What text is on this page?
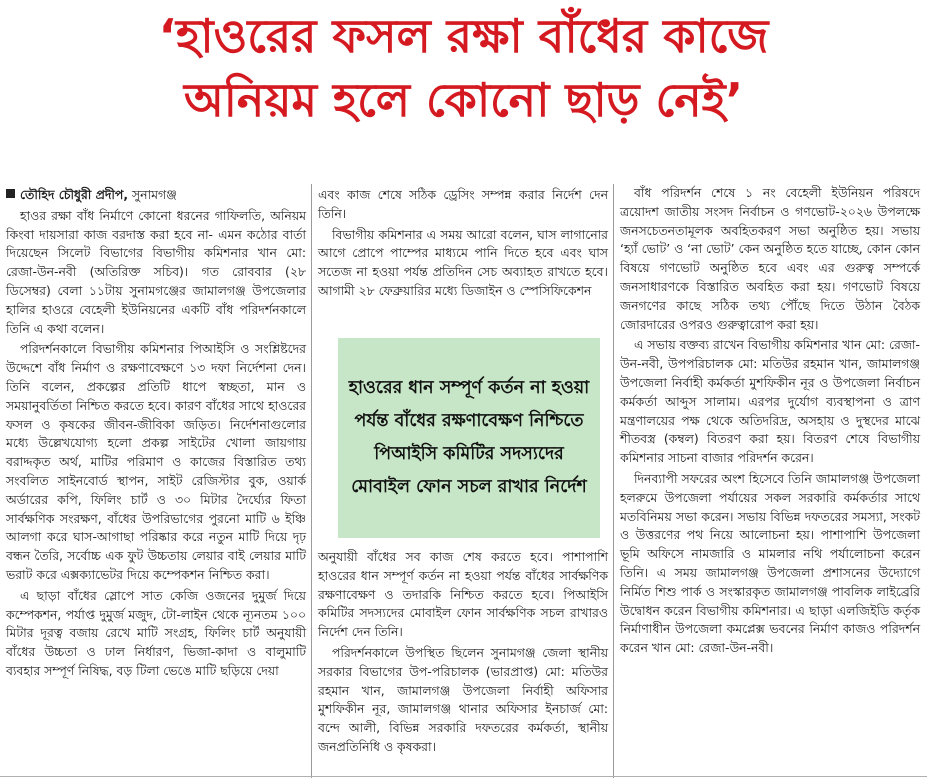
‘হাওরের ফসল রক্ষা বাঁধের কাজে
অনিয়ম হলে কোনো ছাড় নেই’

তৌহিদ চৌধুরী প্রদীপ, সুনামগঞ্জ

হাওর রক্ষা বাঁধ নির্মাণে কোনো ধরনের গাফিলতি, অনিয়ম কিংবা দায়সারা কাজ বরদাস্ত করা হবে না- এমন কঠোর বার্তা দিয়েছেন সিলেট বিভাগের বিভাগীয় কমিশনার খান মো: রেজা-উন-নবী (অতিরিক্ত সচিব)। গত রোববার (২৮ ডিসেম্বর) বেলা ১১টায় সুনামগঞ্জের জামালগঞ্জ উপজেলার হালির হাওরে বেহেলী ইউনিয়নের একটি বাঁধ পরিদর্শনকালে তিনি এ কথা বলেন।

পরিদর্শনকালে বিভাগীয় কমিশনার পিআইসি ও সংশ্লিষ্টদের উদ্দেশে বাঁধ নির্মাণ ও রক্ষণাবেক্ষণে ১৩ দফা নির্দেশনা দেন। তিনি বলেন, প্রকল্পের প্রতিটি ধাপে স্বচ্ছতা, মান ও সময়ানুবর্তিতা নিশ্চিত করতে হবে। কারণ বাঁধের সাথে হাওরের ফসল ও কৃষকের জীবন-জীবিকা জড়িত। নির্দেশনাগুলোর মধ্যে উল্লেখযোগ্য হলো প্রকল্প সাইটের খোলা জায়গায় বরাদ্দকৃত অর্থ, মাটির পরিমাণ ও কাজের বিস্তারিত তথ্য সংবলিত সাইনবোর্ড স্থাপন, সাইট রেজিস্টার বুক, ওয়ার্ক অর্ডারের কপি, ফিলিং চার্ট ও ৩০ মিটার দৈর্ঘ্যের ফিতা সার্বক্ষণিক সংরক্ষণ, বাঁধের উপরিভাগের পুরনো মাটি ৬ ইঞ্চি আলগা করে ঘাস-আগাছা পরিষ্কার করে নতুন মাটি দিয়ে দৃঢ় বন্ধন তৈরি, সর্বোচ্চ এক ফুট উচ্চতায় লেয়ার বাই লেয়ার মাটি ভরাট করে এক্সক্যাভেটর দিয়ে কম্পেকশন নিশ্চিত করা।

এ ছাড়া বাঁধের স্লোপে সাত কেজি ওজনের দুমুর্জ দিয়ে কম্পেকশন, পর্যাপ্ত দুমুর্জ মজুদ, টো-লাইন থেকে ন্যূনতম ১০০ মিটার দূরত্ব বজায় রেখে মাটি সংগ্রহ, ফিলিং চার্ট অনুযায়ী বাঁধের উচ্চতা ও ঢাল নির্ধারণ, ভিজা-কাদা ও বালুমাটি ব্যবহার সম্পূর্ণ নিষিদ্ধ, বড় টিলা ভেঙে মাটি ছড়িয়ে দেয়া

এবং কাজ শেষে সঠিক ড্রেসিং সম্পন্ন করার নির্দেশ দেন তিনি।

বিভাগীয় কমিশনার এ সময় আরো বলেন, ঘাস লাগানোর আগে প্রোপে পাম্পের মাধ্যমে পানি দিতে হবে এবং ঘাস সতেজ না হওয়া পর্যন্ত প্রতিদিন সেচ অব্যাহত রাখতে হবে। আগামী ২৮ ফেব্রুয়ারির মধ্যে ডিজাইন ও স্পেসিফিকেশন

হাওরের ধান সম্পূর্ণ কর্তন না হওয়া পর্যন্ত বাঁধের রক্ষণাবেক্ষণ নিশ্চিতে পিআইসি কমিটির সদস্যদের মোবাইল ফোন সচল রাখার নির্দেশ

অনুযায়ী বাঁধের সব কাজ শেষ করতে হবে। পাশাপাশি হাওরের ধান সম্পূর্ণ কর্তন না হওয়া পর্যন্ত বাঁধের সার্বক্ষণিক রক্ষণাবেক্ষণ ও তদারকি নিশ্চিত করতে হবে। পিআইসি কমিটির সদস্যদের মোবাইল ফোন সার্বক্ষণিক সচল রাখারও নির্দেশ দেন তিনি।

পরিদর্শনকালে উপস্থিত ছিলেন সুনামগঞ্জ জেলা স্থানীয় সরকার বিভাগের উপ-পরিচালক (ভারপ্রাপ্ত) মো: মতিউর রহমান খান, জামালগঞ্জ উপজেলা নির্বাহী অফিসার মুশফিকীন নূর, জামালগঞ্জ থানার অফিসার ইনচার্জ মো: বন্দে আলী, বিভিন্ন সরকারি দফতরের কর্মকর্তা, স্থানীয় জনপ্রতিনিধি ও কৃষকরা।

বাঁধ পরিদর্শন শেষে ১ নং বেহেলী ইউনিয়ন পরিষদে ত্রয়োদশ জাতীয় সংসদ নির্বাচন ও গণভোট-২০২৬ উপলক্ষে জনসচেতনতামূলক অবহিতকরণ সভা অনুষ্ঠিত হয়। সভায় ‘হ্যাঁ ভোট’ ও ‘না ভোট’ কেন অনুষ্ঠিত হতে যাচ্ছে, কোন কোন বিষয়ে গণভোট অনুষ্ঠিত হবে এবং এর গুরুত্ব সম্পর্কে জনসাধারণকে বিস্তারিত অবহিত করা হয়। গণভোট বিষয়ে জনগণের কাছে সঠিক তথ্য পৌঁছে দিতে উঠান বৈঠক জোরদারের ওপরও গুরুত্বারোপ করা হয়।

এ সভায় বক্তব্য রাখেন বিভাগীয় কমিশনার খান মো: রেজা-উন-নবী, উপপরিচালক মো: মতিউর রহমান খান, জামালগঞ্জ উপজেলা নির্বাহী কর্মকর্তা মুশফিকীন নূর ও উপজেলা নির্বাচন কর্মকর্তা আব্দুস সালাম। এরপর দুর্যোগ ব্যবস্থাপনা ও ত্রাণ মন্ত্রণালয়ের পক্ষ থেকে অতিদরিদ্র, অসহায় ও দুস্থদের মাঝে শীতবস্ত্র (কম্বল) বিতরণ করা হয়। বিতরণ শেষে বিভাগীয় কমিশনার সাচনা বাজার পরিদর্শন করেন।

দিনব্যাপী সফরের অংশ হিসেবে তিনি জামালগঞ্জ উপজেলা হলরুমে উপজেলা পর্যায়ের সকল সরকারি কর্মকর্তার সাথে মতবিনিময় সভা করেন। সভায় বিভিন্ন দফতরের সমস্যা, সংকট ও উত্তরণের পথ নিয়ে আলোচনা হয়। পাশাপাশি উপজেলা ভূমি অফিসে নামজারি ও মামলার নথি পর্যালোচনা করেন তিনি। এ সময় জামালগঞ্জ উপজেলা প্রশাসনের উদ্যোগে নির্মিত শিশু পার্ক ও সংস্কারকৃত জামালগঞ্জ পাবলিক লাইব্রেরি উদ্বোধন করেন বিভাগীয় কমিশনার। এ ছাড়া এলজিইডি কর্তৃক নির্মাণাধীন উপজেলা কমপ্লেক্স ভবনের নির্মাণ কাজও পরিদর্শন করেন খান মো: রেজা-উন-নবী।
